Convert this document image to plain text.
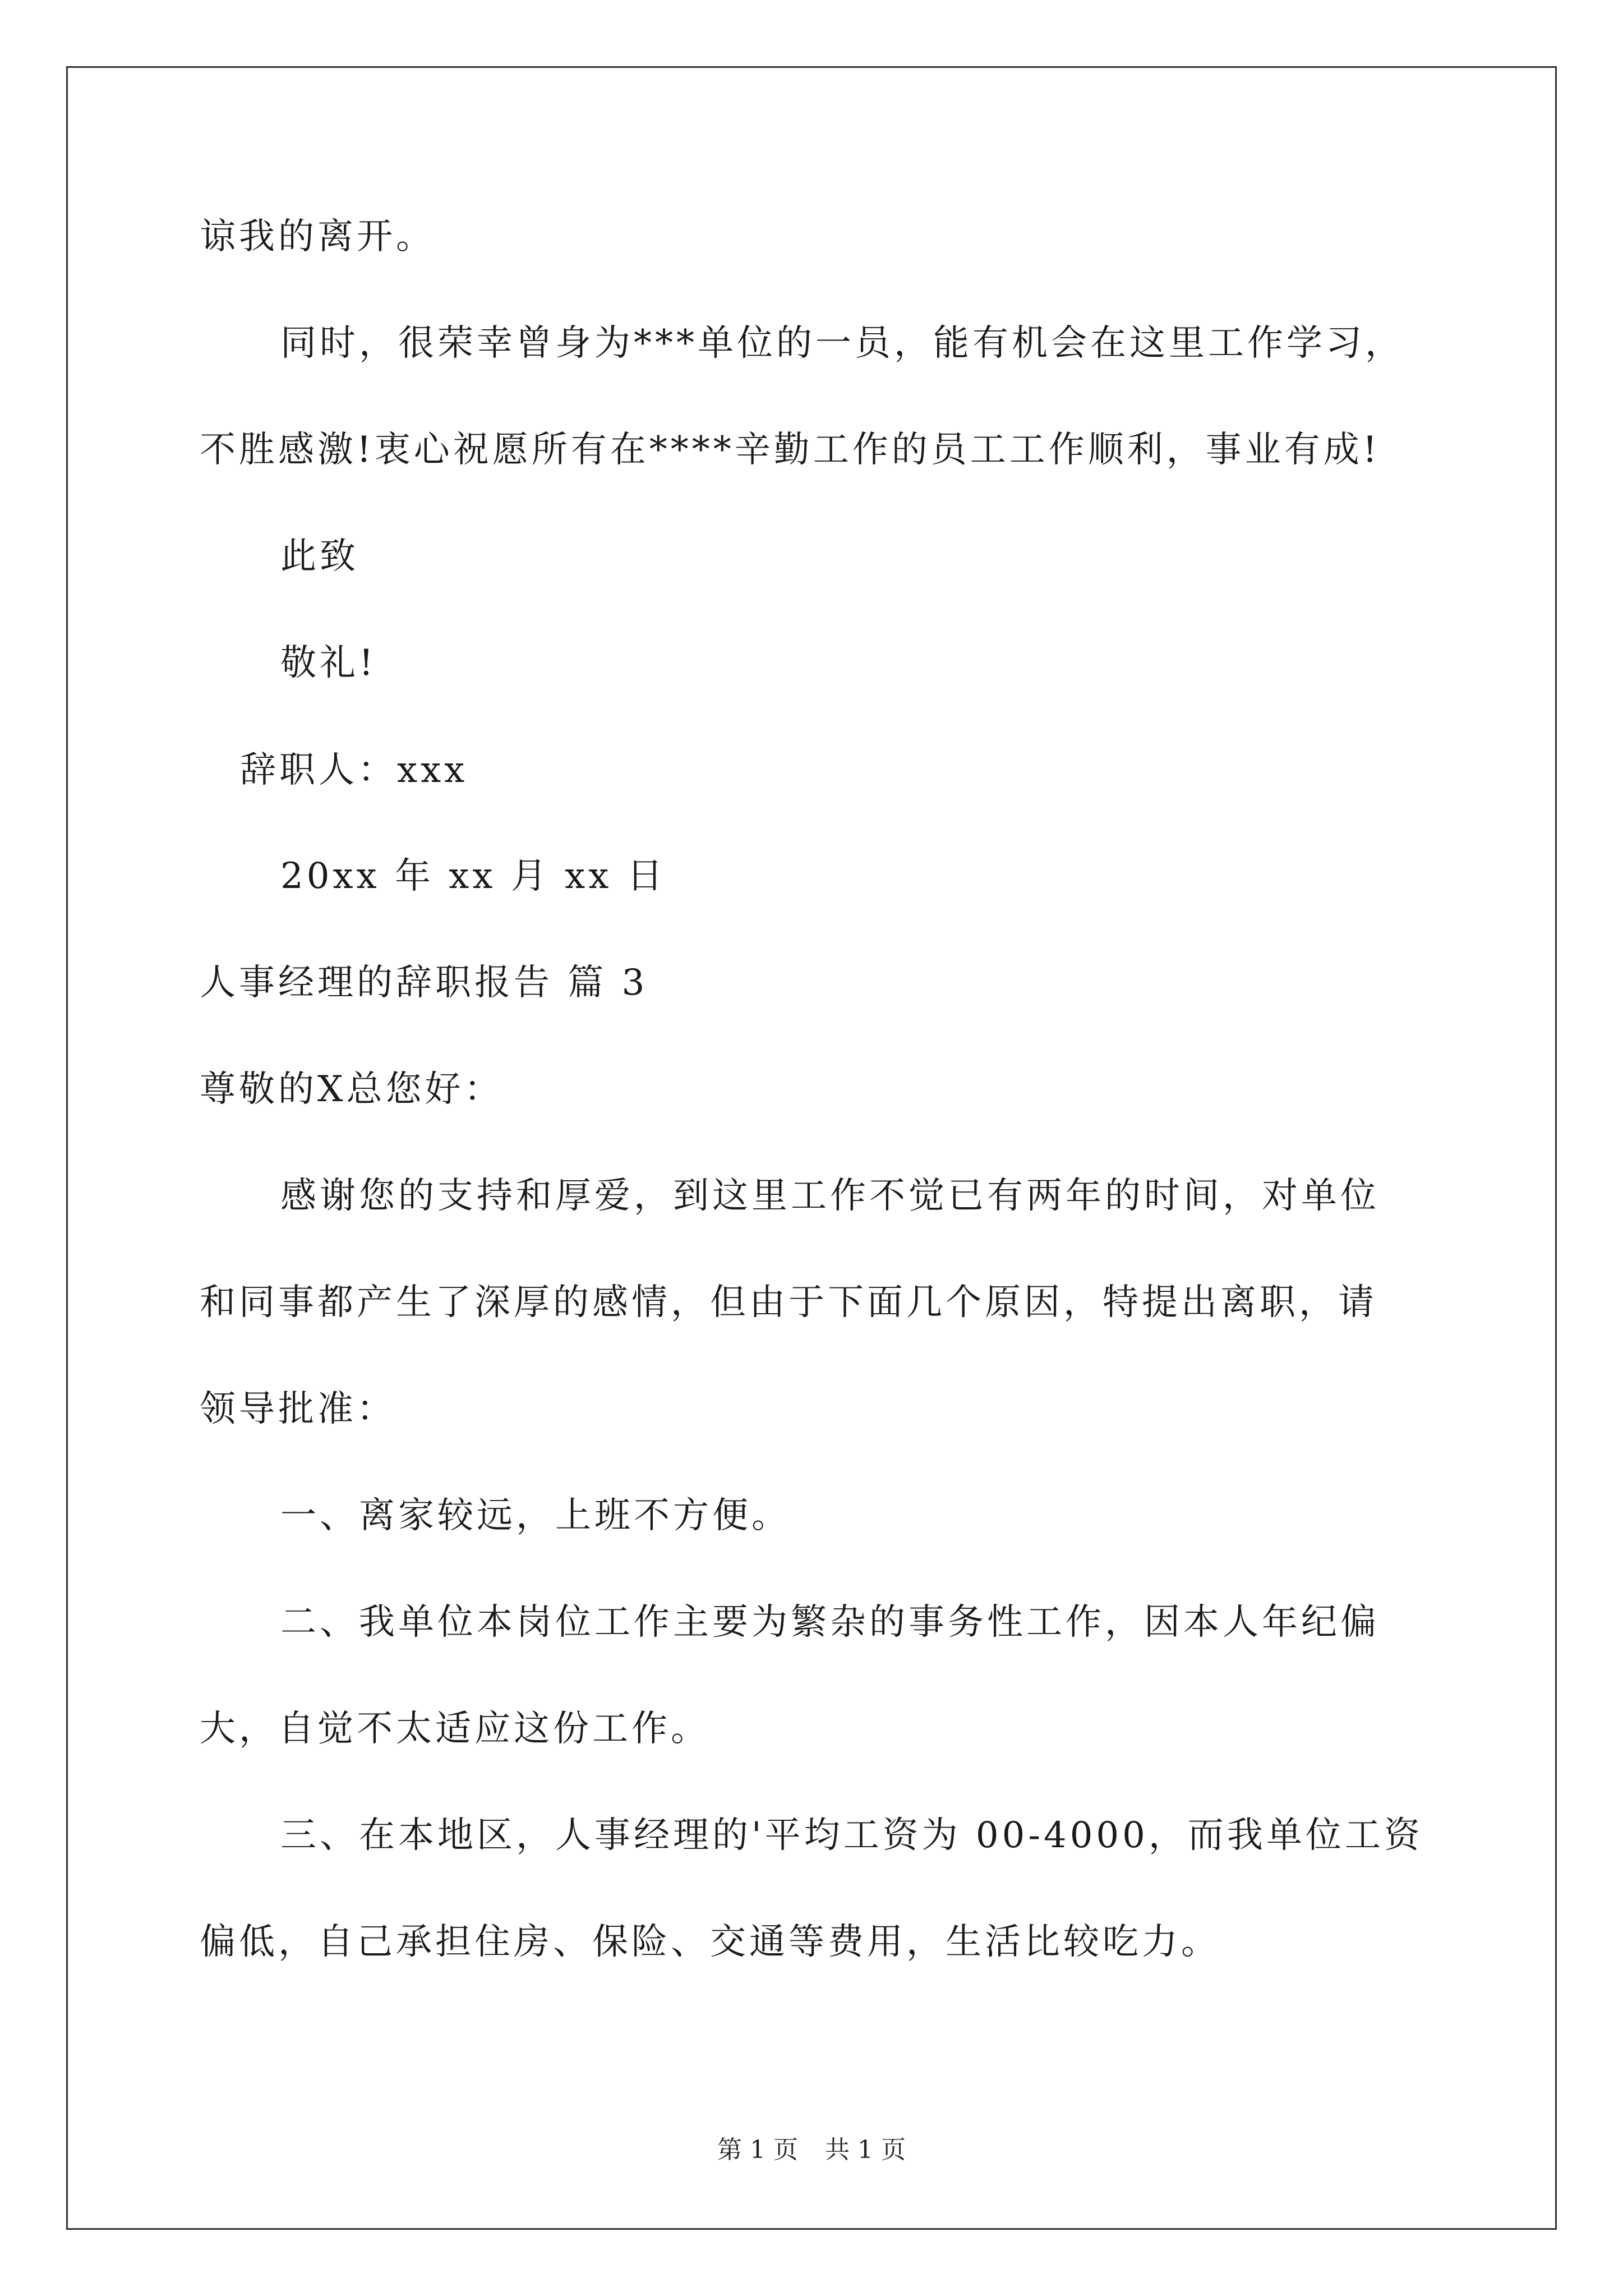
谅我的离开。
同时，很荣幸曾身为***单位的一员，能有机会在这里工作学习，
不胜感激!衷心祝愿所有在****辛勤工作的员工工作顺利，事业有成!
此致
敬礼!
辞职人：xxx
20xx 年 xx 月 xx 日
人事经理的辞职报告 篇 3
尊敬的X总您好：
感谢您的支持和厚爱，到这里工作不觉已有两年的时间，对单位
和同事都产生了深厚的感情，但由于下面几个原因，特提出离职，请
领导批准：
一、离家较远，上班不方便。
二、我单位本岗位工作主要为繁杂的事务性工作，因本人年纪偏
大，自觉不太适应这份工作。
三、在本地区，人事经理的'平均工资为 00-4000，而我单位工资
偏低，自己承担住房、保险、交通等费用，生活比较吃力。
第 1 页 共 1 页
